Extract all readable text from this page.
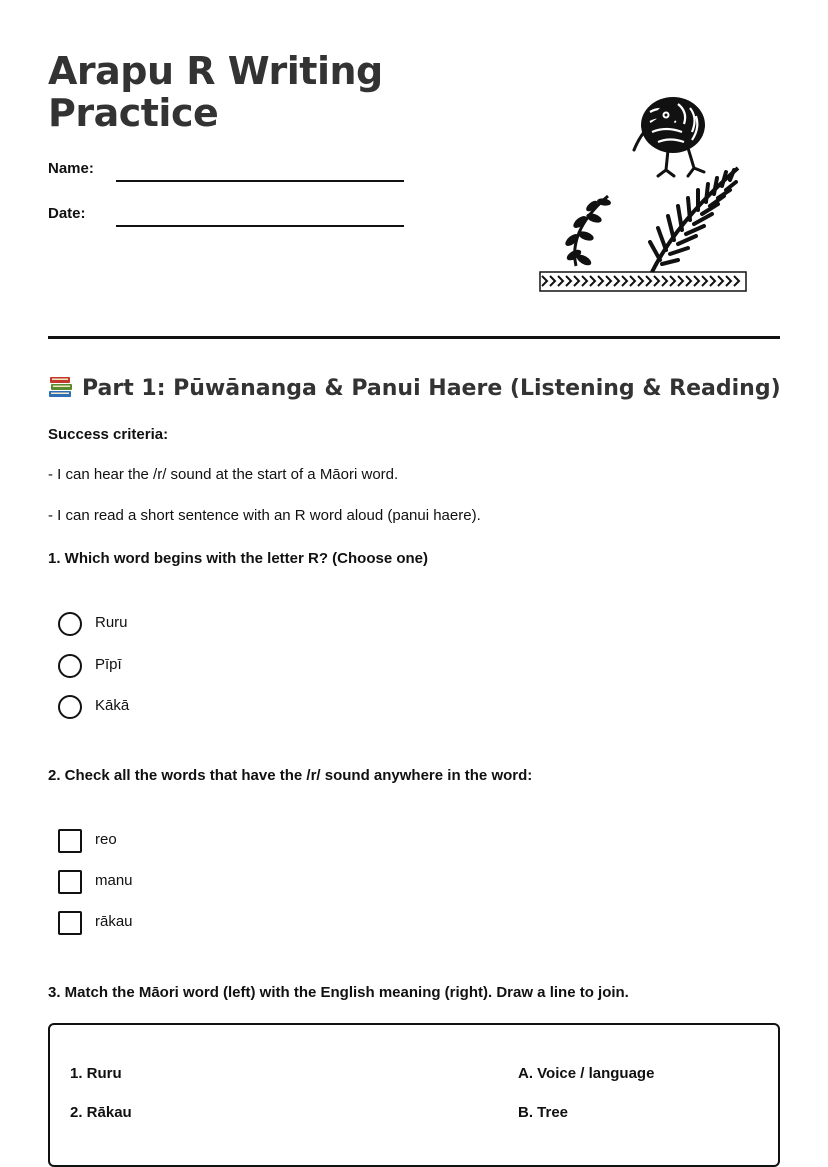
Arapu R Writing
Practice
Name:
Date:
Part 1: Pūwānanga & Panui Haere (Listening & Reading)
Success criteria:
- I can hear the /r/ sound at the start of a Māori word.
- I can read a short sentence with an R word aloud (panui haere).
1. Which word begins with the letter R? (Choose one)
Ruru
Pīpī
Kākā
2. Check all the words that have the /r/ sound anywhere in the word:
reo
manu
rākau
3. Match the Māori word (left) with the English meaning (right). Draw a line to join.
1. Ruru	A. Voice / language
2. Rākau	B. Tree
